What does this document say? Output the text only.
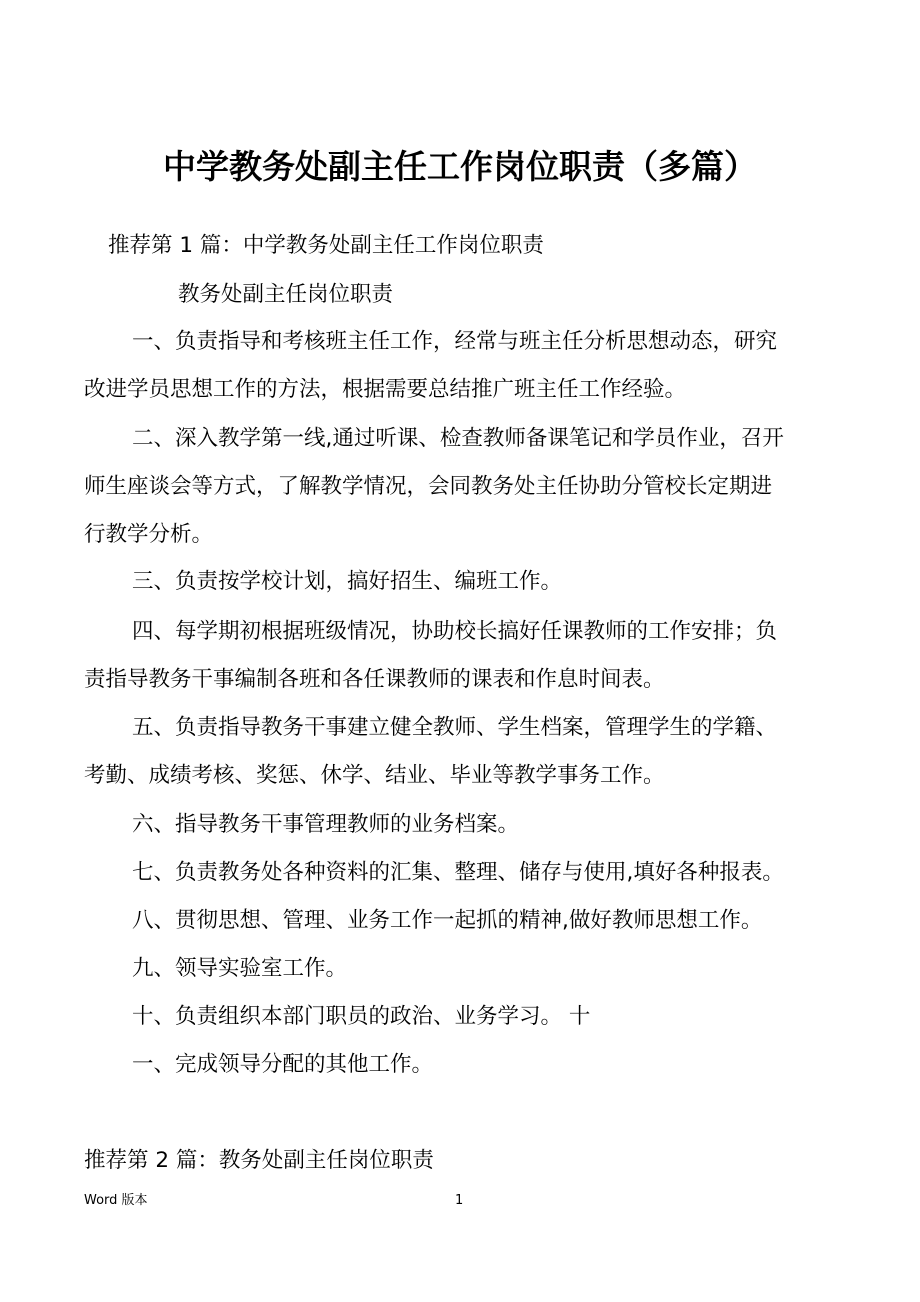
中学教务处副主任工作岗位职责（多篇）
推荐第 1 篇：中学教务处副主任工作岗位职责
教务处副主任岗位职责
一、负责指导和考核班主任工作，经常与班主任分析思想动态，研究
改进学员思想工作的方法，根据需要总结推广班主任工作经验。
二、深入教学第一线,通过听课、检查教师备课笔记和学员作业，召开
师生座谈会等方式，了解教学情况，会同教务处主任协助分管校长定期进
行教学分析。
三、负责按学校计划，搞好招生、编班工作。
四、每学期初根据班级情况，协助校长搞好任课教师的工作安排；负
责指导教务干事编制各班和各任课教师的课表和作息时间表。
五、负责指导教务干事建立健全教师、学生档案，管理学生的学籍、
考勤、成绩考核、奖惩、休学、结业、毕业等教学事务工作。
六、指导教务干事管理教师的业务档案。
七、负责教务处各种资料的汇集、整理、储存与使用,填好各种报表。
八、贯彻思想、管理、业务工作一起抓的精神,做好教师思想工作。
九、领导实验室工作。
十、负责组织本部门职员的政治、业务学习。 十
一、完成领导分配的其他工作。
推荐第 2 篇：教务处副主任岗位职责
Word 版本	1
